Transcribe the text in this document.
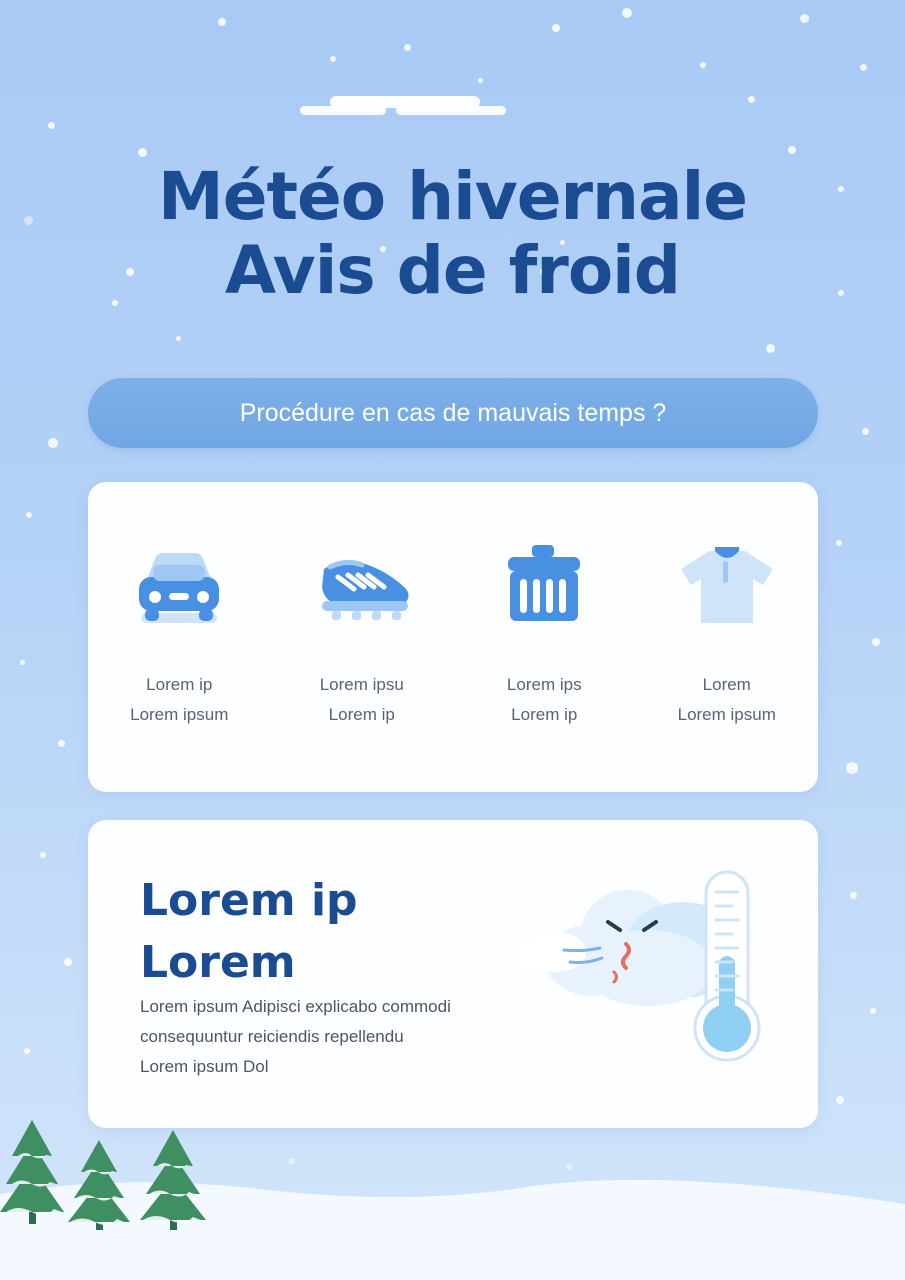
Météo hivernale
Avis de froid
Procédure en cas de mauvais temps ?
Lorem ip
Lorem ipsum
Lorem ipsu
Lorem ip
Lorem ips
Lorem ip
Lorem
Lorem ipsum
Lorem ip
Lorem
Lorem ipsum Adipisci explicabo commodi
consequuntur reiciendis repellendu
Lorem ipsum Dol
